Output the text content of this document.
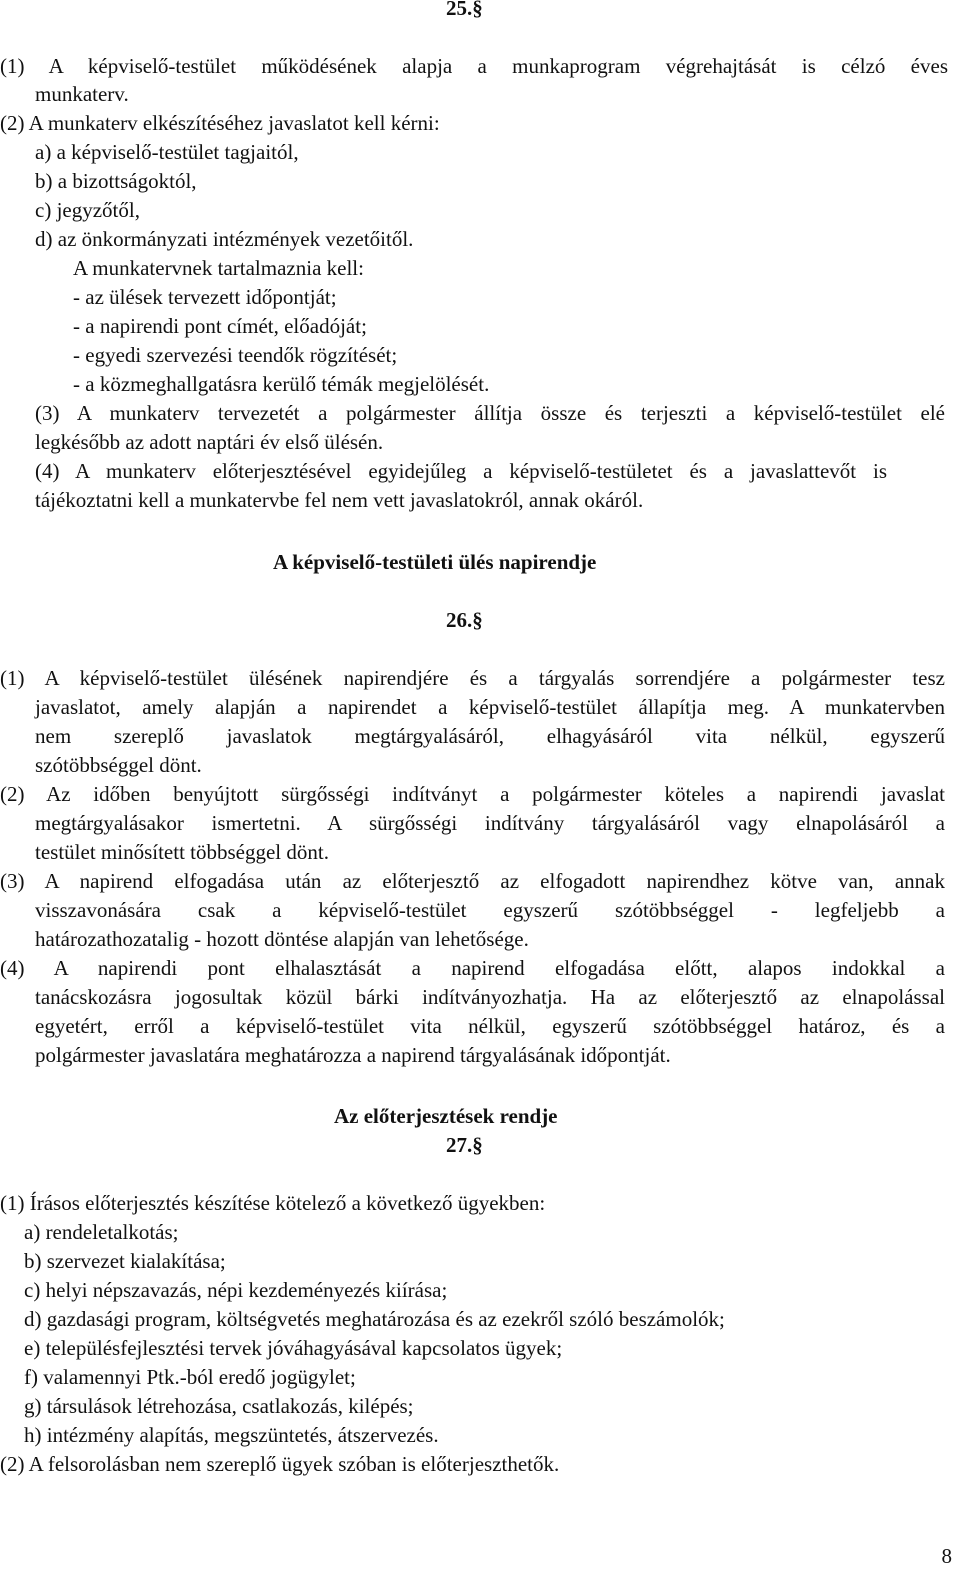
25.§
(1) A képviselő-testület működésének alapja a munkaprogram végrehajtását is célzó éves
munkaterv.
(2) A munkaterv elkészítéséhez javaslatot kell kérni:
a) a képviselő-testület tagjaitól,
b) a bizottságoktól,
c) jegyzőtől,
d) az önkormányzati intézmények vezetőitől.
A munkatervnek tartalmaznia kell:
- az ülések tervezett időpontját;
- a napirendi pont címét, előadóját;
- egyedi szervezési teendők rögzítését;
- a közmeghallgatásra kerülő témák megjelölését.
(3) A munkaterv tervezetét a polgármester állítja össze és terjeszti a képviselő-testület elé
legkésőbb az adott naptári év első ülésén.
(4) A munkaterv előterjesztésével egyidejűleg a képviselő-testületet és a javaslattevőt is
tájékoztatni kell a munkatervbe fel nem vett javaslatokról, annak okáról.
A képviselő-testületi ülés napirendje
26.§
(1) A képviselő-testület ülésének napirendjére és a tárgyalás sorrendjére a polgármester tesz
javaslatot, amely alapján a napirendet a képviselő-testület állapítja meg. A munkatervben
nem szereplő javaslatok megtárgyalásáról, elhagyásáról vita nélkül, egyszerű
szótöbbséggel dönt.
(2) Az időben benyújtott sürgősségi indítványt a polgármester köteles a napirendi javaslat
megtárgyalásakor ismertetni. A sürgősségi indítvány tárgyalásáról vagy elnapolásáról a
testület minősített többséggel dönt.
(3) A napirend elfogadása után az előterjesztő az elfogadott napirendhez kötve van, annak
visszavonására csak a képviselő-testület egyszerű szótöbbséggel - legfeljebb a
határozathozatalig - hozott döntése alapján van lehetősége.
(4) A napirendi pont elhalasztását a napirend elfogadása előtt, alapos indokkal a
tanácskozásra jogosultak közül bárki indítványozhatja. Ha az előterjesztő az elnapolással
egyetért, erről a képviselő-testület vita nélkül, egyszerű szótöbbséggel határoz, és a
polgármester javaslatára meghatározza a napirend tárgyalásának időpontját.
Az előterjesztések rendje
27.§
(1) Írásos előterjesztés készítése kötelező a következő ügyekben:
a) rendeletalkotás;
b) szervezet kialakítása;
c) helyi népszavazás, népi kezdeményezés kiírása;
d) gazdasági program, költségvetés meghatározása és az ezekről szóló beszámolók;
e) településfejlesztési tervek jóváhagyásával kapcsolatos ügyek;
f) valamennyi Ptk.-ból eredő jogügylet;
g) társulások létrehozása, csatlakozás, kilépés;
h) intézmény alapítás, megszüntetés, átszervezés.
(2) A felsorolásban nem szereplő ügyek szóban is előterjeszthetők.
8
